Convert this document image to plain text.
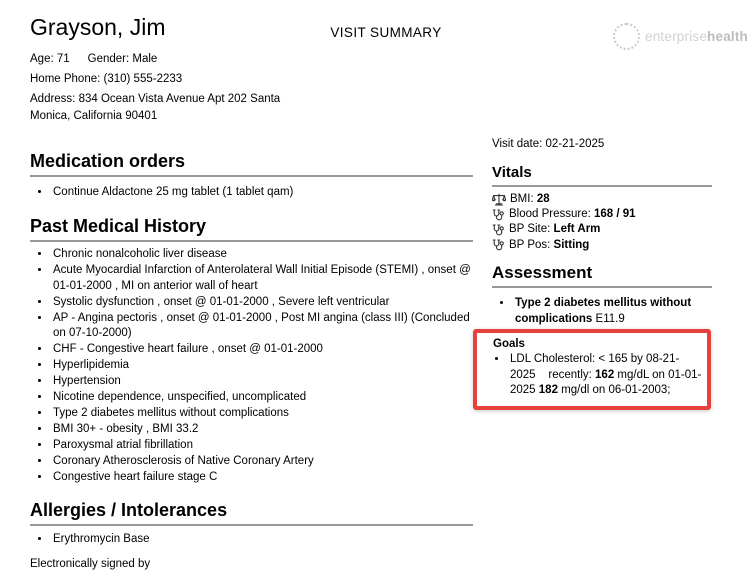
Grayson, Jim	VISIT SUMMARY	enterprisehealth
Age: 71 Gender: Male
Home Phone: (310) 555-2233
Address: 834 Ocean Vista Avenue Apt 202 Santa Monica, California 90401
Visit date: 02-21-2025
Medication orders
• Continue Aldactone 25 mg tablet (1 tablet qam)
Past Medical History
• Chronic nonalcoholic liver disease
• Acute Myocardial Infarction of Anterolateral Wall Initial Episode (STEMI) , onset @ 01-01-2000 , MI on anterior wall of heart
• Systolic dysfunction , onset @ 01-01-2000 , Severe left ventricular
• AP - Angina pectoris , onset @ 01-01-2000 , Post MI angina (class III) (Concluded on 07-10-2000)
• CHF - Congestive heart failure , onset @ 01-01-2000
• Hyperlipidemia
• Hypertension
• Nicotine dependence, unspecified, uncomplicated
• Type 2 diabetes mellitus without complications
• BMI 30+ - obesity , BMI 33.2
• Paroxysmal atrial fibrillation
• Coronary Atherosclerosis of Native Coronary Artery
• Congestive heart failure stage C
Allergies / Intolerances
• Erythromycin Base
Electronically signed by
Vitals
BMI: 28
Blood Pressure: 168 / 91
BP Site: Left Arm
BP Pos: Sitting
Assessment
• Type 2 diabetes mellitus without complications E11.9
Goals
• LDL Cholesterol: < 165 by 08-21-2025    recently: 162 mg/dL on 01-01-2025 182 mg/dl on 06-01-2003;
